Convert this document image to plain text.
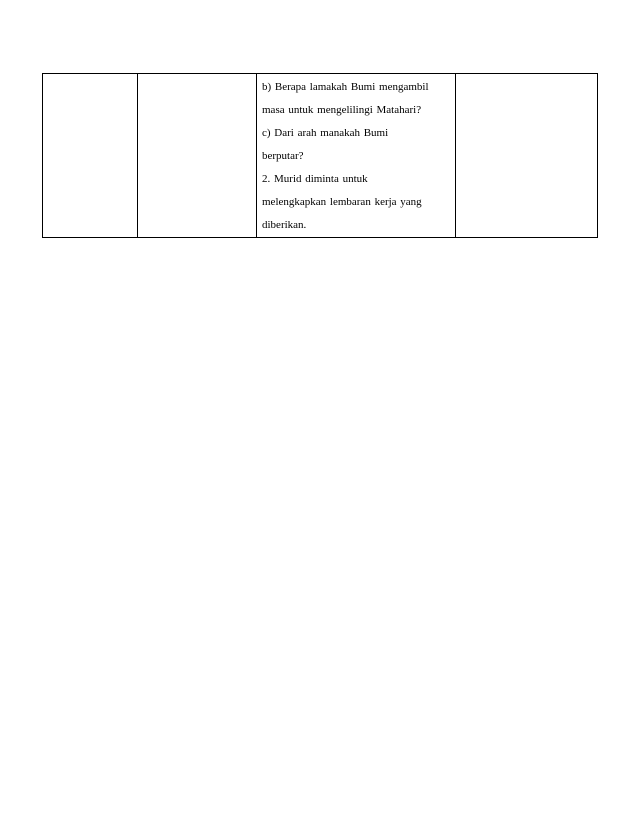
b) Berapa lamakah Bumi mengambil

masa untuk mengelilingi Matahari?

c) Dari arah manakah Bumi

berputar?

2. Murid diminta untuk

melengkapkan lembaran kerja yang

diberikan.
